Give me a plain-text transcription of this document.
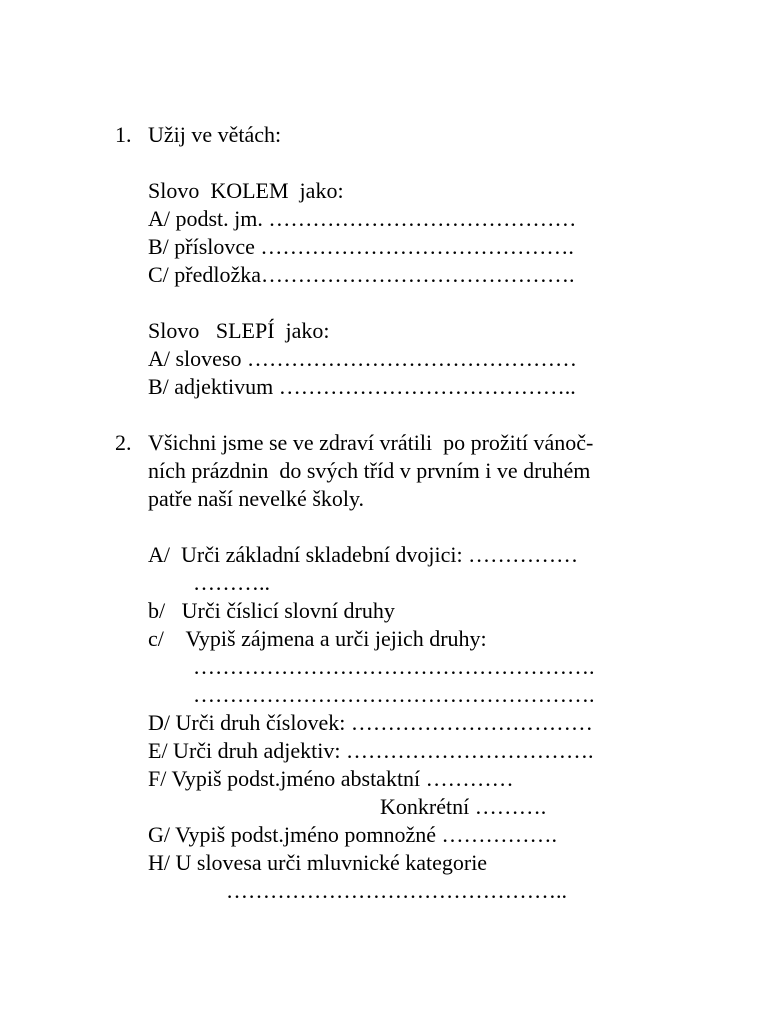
1. Užij ve větách:

Slovo  KOLEM  jako:

A/ podst. jm. ……………………………………

B/ příslovce …………………………………….

C/ předložka…………………………………….

Slovo   SLEPÍ  jako:

A/ sloveso ………………………………………

B/ adjektivum …………………………………..

2. Všichni jsme se ve zdraví vrátili  po prožití vánoč-

ních prázdnin  do svých tříd v prvním i ve druhém

patře naší nevelké školy.

A/  Urči základní skladební dvojici: ……………

………..

b/   Urči číslicí slovní druhy

c/    Vypiš zájmena a urči jejich druhy:

……………………………………………….

……………………………………………….

D/ Urči druh číslovek: ……………………………

E/ Urči druh adjektiv: …………………………….

F/ Vypiš podst.jméno abstaktní …………

Konkrétní ……….

G/ Vypiš podst.jméno pomnožné …………….

H/ U slovesa urči mluvnické kategorie

………………………………………..
